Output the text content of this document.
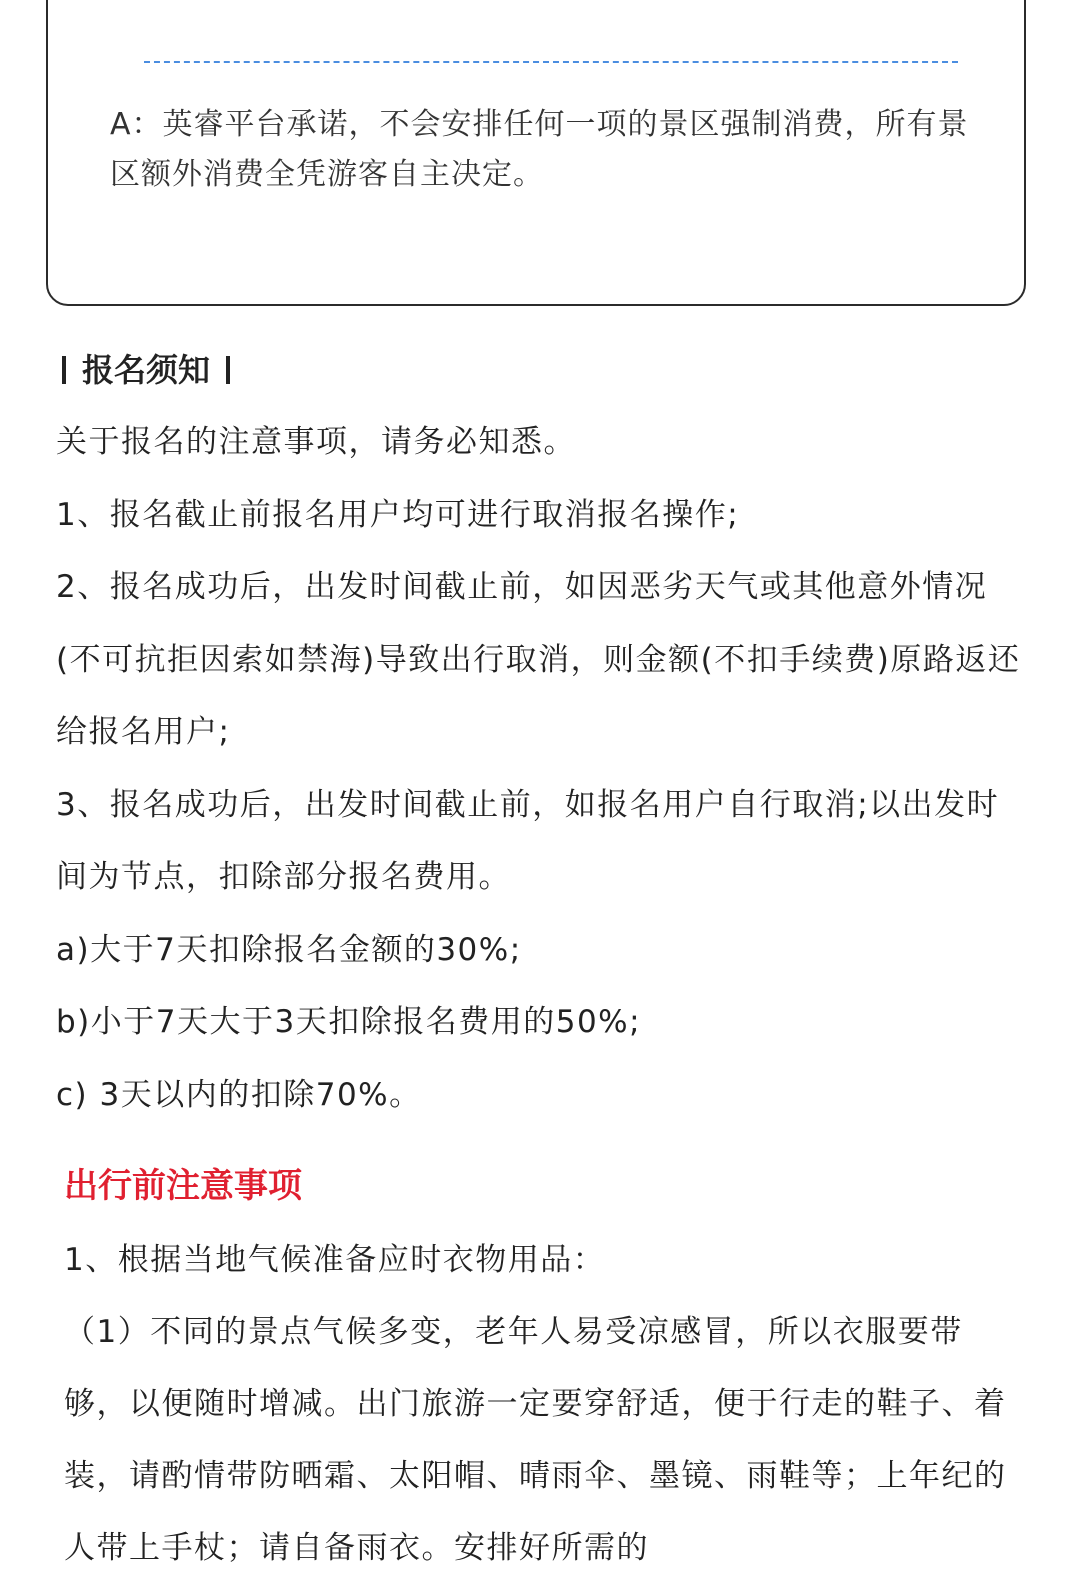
A：英睿平台承诺，不会安排任何一项的景区强制消费，所有景区额外消费全凭游客自主决定。

报名须知

关于报名的注意事项，请务必知悉。

1、报名截止前报名用户均可进行取消报名操作;

2、报名成功后，出发时间截止前，如因恶劣天气或其他意外情况(不可抗拒因索如禁海)导致出行取消，则金额(不扣手续费)原路返还给报名用户;

3、报名成功后，出发时间截止前，如报名用户自行取消;以出发时间为节点，扣除部分报名费用。

a)大于7天扣除报名金额的30%;

b)小于7天大于3天扣除报名费用的50%;

c) 3天以内的扣除70%。

出行前注意事项

1、根据当地气候准备应时衣物用品：

（1）不同的景点气候多变，老年人易受凉感冒，所以衣服要带够，以便随时增减。出门旅游一定要穿舒适，便于行走的鞋子、着装，请酌情带防晒霜、太阳帽、晴雨伞、墨镜、雨鞋等；上年纪的人带上手杖；请自备雨衣。安排好所需的
